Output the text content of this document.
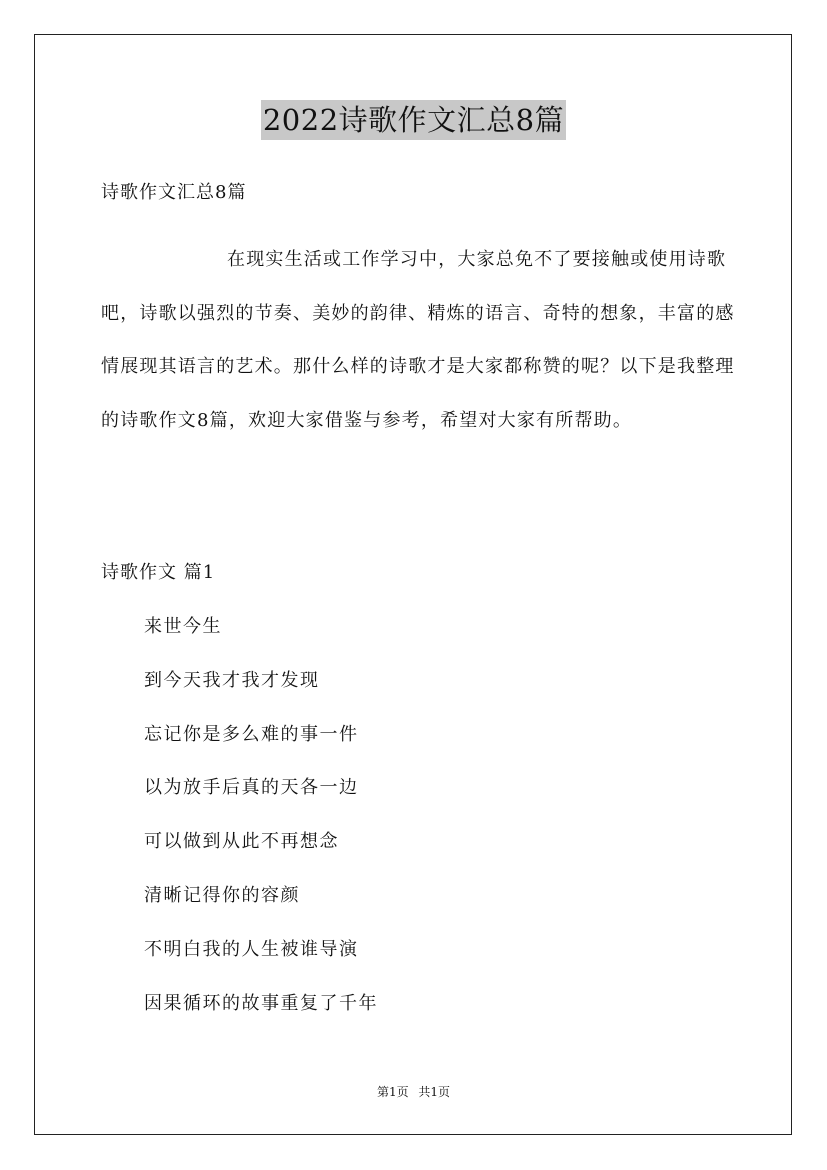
2022诗歌作文汇总8篇
诗歌作文汇总8篇

在现实生活或工作学习中，大家总免不了要接触或使用诗歌吧，诗歌以强烈的节奏、美妙的韵律、精炼的语言、奇特的想象，丰富的感情展现其语言的艺术。那什么样的诗歌才是大家都称赞的呢？以下是我整理的诗歌作文8篇，欢迎大家借鉴与参考，希望对大家有所帮助。

诗歌作文 篇1
来世今生
到今天我才我才发现
忘记你是多么难的事一件
以为放手后真的天各一边
可以做到从此不再想念
清晰记得你的容颜
不明白我的人生被谁导演
因果循环的故事重复了千年
第1页 共1页
